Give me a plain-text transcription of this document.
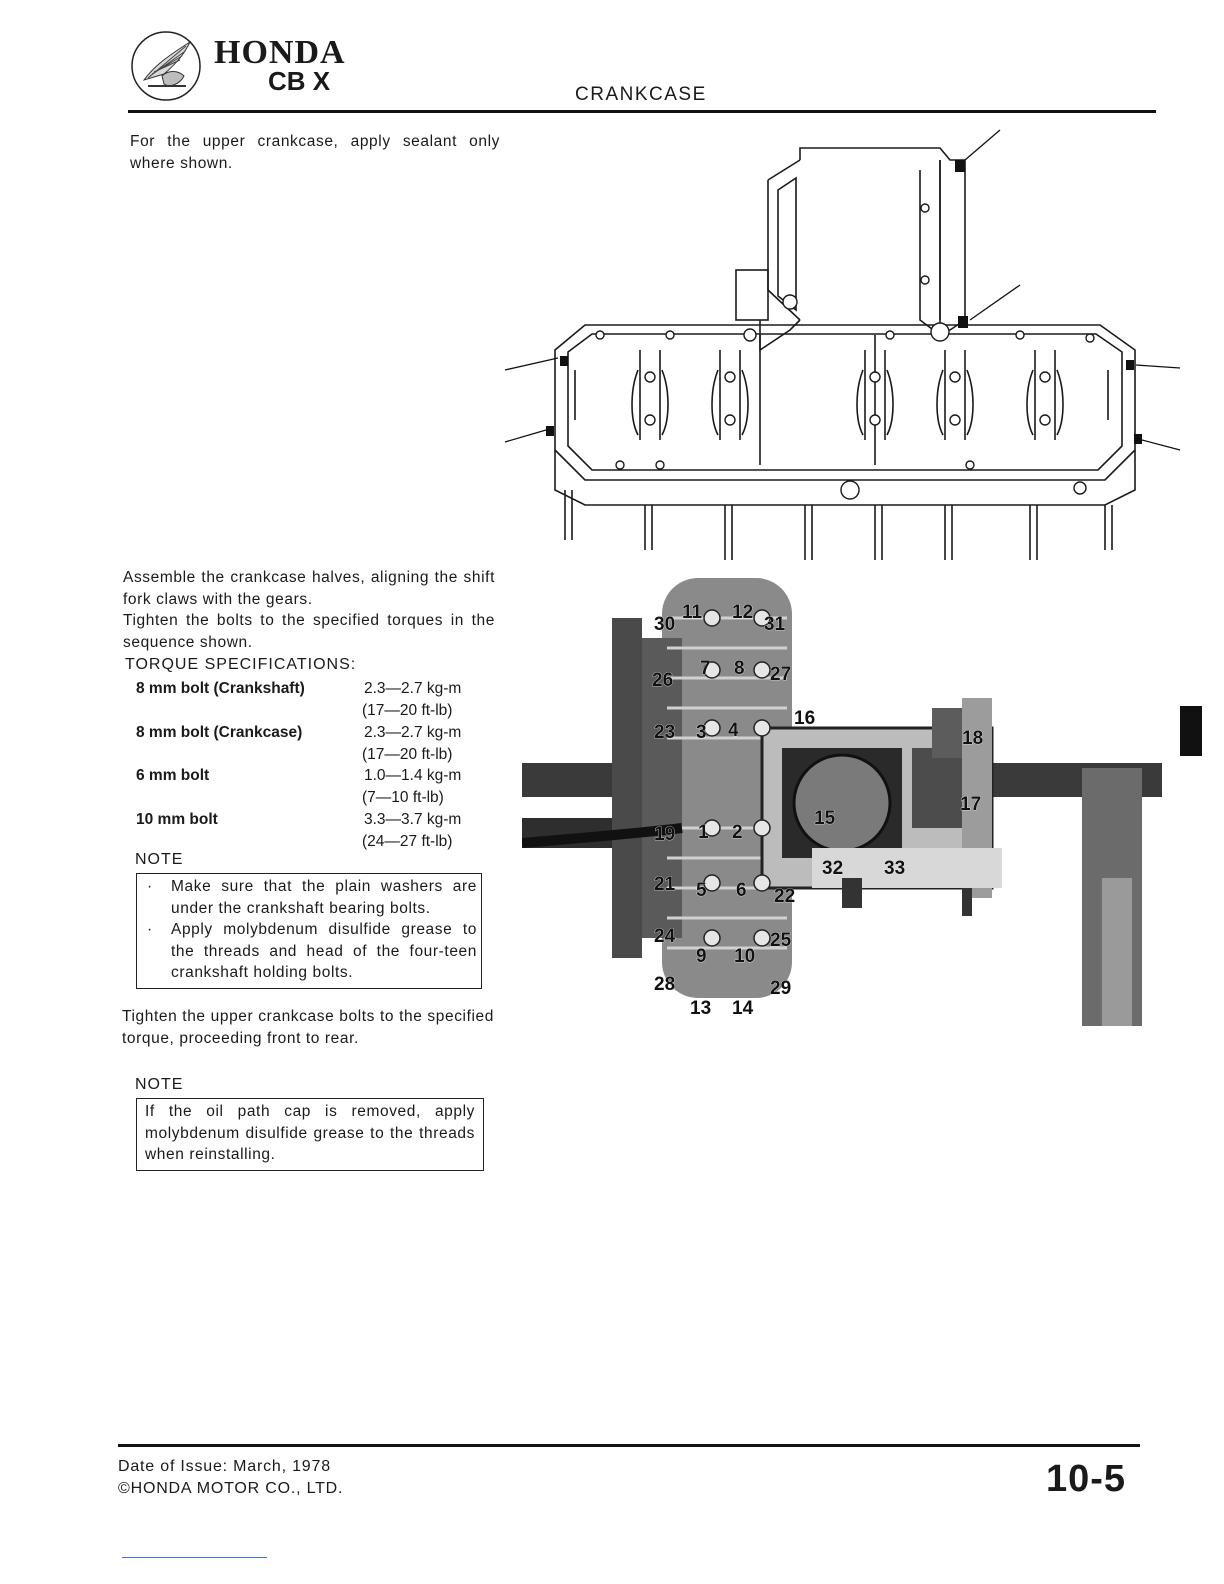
HONDA
CB X	CRANKCASE

For the upper crankcase, apply sealant only where shown.

Assemble the crankcase halves, aligning the shift fork claws with the gears.

Tighten the bolts to the specified torques in the sequence shown.

TORQUE SPECIFICATIONS:
8 mm bolt (Crankshaft)	2.3—2.7 kg-m
(17—20 ft-lb)
8 mm bolt (Crankcase)	2.3—2.7 kg-m
(17—20 ft-lb)
6 mm bolt	1.0—1.4 kg-m
(7—10 ft-lb)
10 mm bolt	3.3—3.7 kg-m
(24—27 ft-lb)
NOTE
· Make sure that the plain washers are under the crankshaft bearing bolts.
· Apply molybdenum disulfide grease to the threads and head of the four-teen crankshaft holding bolts.

Tighten the upper crankcase bolts to the specified torque, proceeding front to rear.

NOTE

If the oil path cap is removed, apply molybdenum disulfide grease to the threads when reinstalling.

30
11 12
31
7 8
26	27
16
23 3 4	18
15
17
19 1 2
32 33
21 5 6 22
24
9 10
25
28	29
13 14
Date of Issue: March, 1978
©HONDA MOTOR CO., LTD.	10-5
